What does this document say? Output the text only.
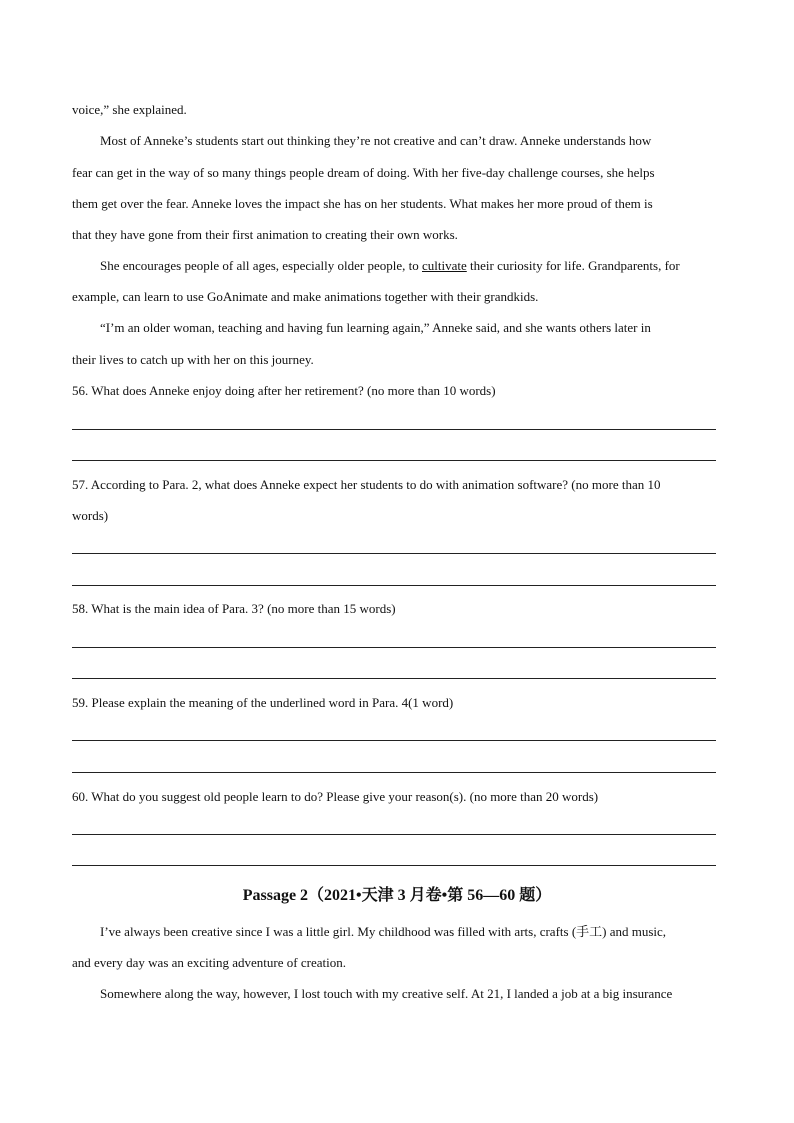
voice,” she explained.
Most of Anneke’s students start out thinking they’re not creative and can’t draw. Anneke understands how
fear can get in the way of so many things people dream of doing. With her five-day challenge courses, she helps
them get over the fear. Anneke loves the impact she has on her students. What makes her more proud of them is
that they have gone from their first animation to creating their own works.
She encourages people of all ages, especially older people, to cultivate their curiosity for life. Grandparents, for
example, can learn to use GoAnimate and make animations together with their grandkids.
“I’m an older woman, teaching and having fun learning again,” Anneke said, and she wants others later in
their lives to catch up with her on this journey.
56. What does Anneke enjoy doing after her retirement? (no more than 10 words)
57. According to Para. 2, what does Anneke expect her students to do with animation software? (no more than 10
words)
58. What is the main idea of Para. 3? (no more than 15 words)
59. Please explain the meaning of the underlined word in Para. 4(1 word)
60. What do you suggest old people learn to do? Please give your reason(s). (no more than 20 words)
Passage 2（2021•天津 3 月卷•第 56—60 题）
I’ve always been creative since I was a little girl. My childhood was filled with arts, crafts (手工) and music,
and every day was an exciting adventure of creation.
Somewhere along the way, however, I lost touch with my creative self. At 21, I landed a job at a big insurance
